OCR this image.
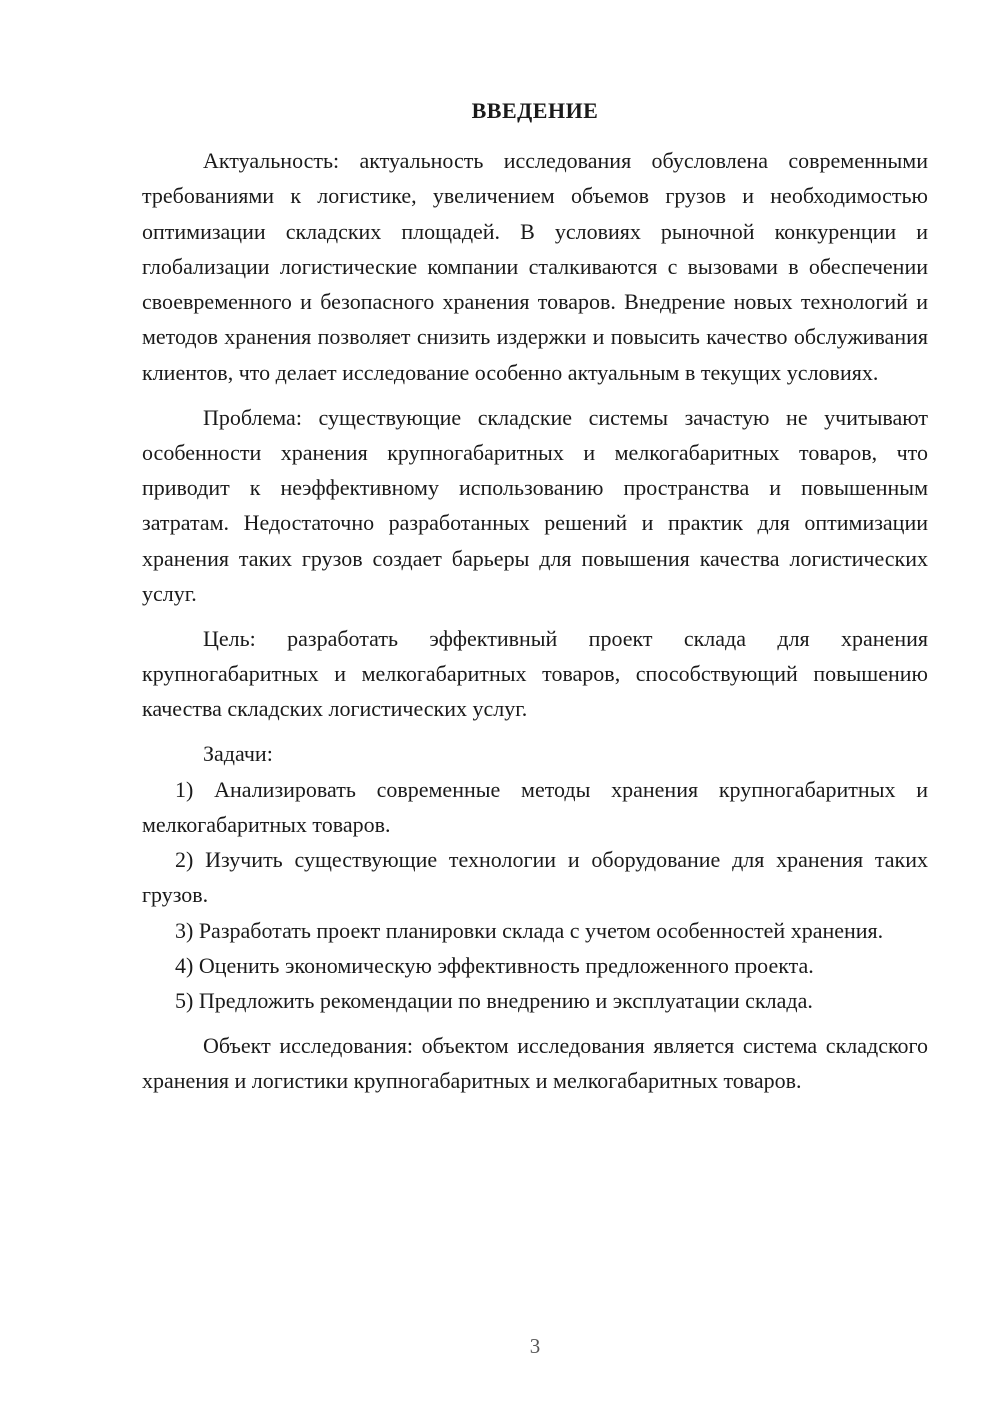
ВВЕДЕНИЕ

Актуальность: актуальность исследования обусловлена современными требованиями к логистике, увеличением объемов грузов и необходимостью оптимизации складских площадей. В условиях рыночной конкуренции и глобализации логистические компании сталкиваются с вызовами в обеспечении своевременного и безопасного хранения товаров. Внедрение новых технологий и методов хранения позволяет снизить издержки и повысить качество обслуживания клиентов, что делает исследование особенно актуальным в текущих условиях.

Проблема: существующие складские системы зачастую не учитывают особенности хранения крупногабаритных и мелкогабаритных товаров, что приводит к неэффективному использованию пространства и повышенным затратам. Недостаточно разработанных решений и практик для оптимизации хранения таких грузов создает барьеры для повышения качества логистических услуг.

Цель: разработать эффективный проект склада для хранения крупногабаритных и мелкогабаритных товаров, способствующий повышению качества складских логистических услуг.

Задачи:

1) Анализировать современные методы хранения крупногабаритных и мелкогабаритных товаров.

2) Изучить существующие технологии и оборудование для хранения таких грузов.

3) Разработать проект планировки склада с учетом особенностей хранения.

4) Оценить экономическую эффективность предложенного проекта.

5) Предложить рекомендации по внедрению и эксплуатации склада.

Объект исследования: объектом исследования является система складского хранения и логистики крупногабаритных и мелкогабаритных товаров.

3
